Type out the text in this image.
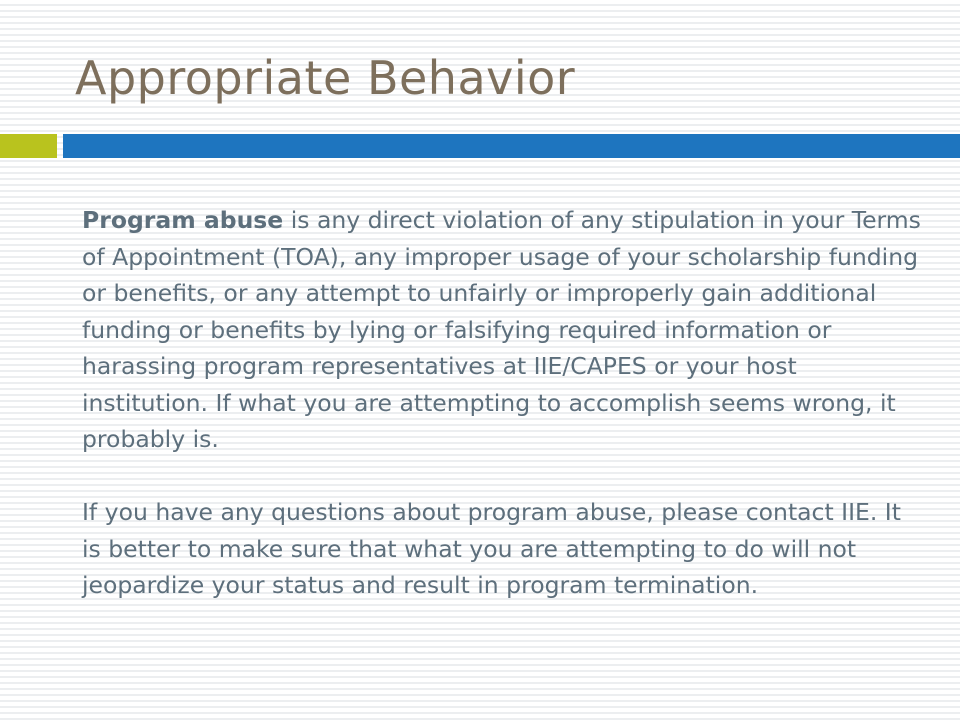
Appropriate Behavior

Program abuse is any direct violation of any stipulation in your Terms of Appointment (TOA), any improper usage of your scholarship funding or benefits, or any attempt to unfairly or improperly gain additional funding or benefits by lying or falsifying required information or harassing program representatives at IIE/CAPES or your host institution. If what you are attempting to accomplish seems wrong, it probably is.

If you have any questions about program abuse, please contact IIE. It is better to make sure that what you are attempting to do will not jeopardize your status and result in program termination.
